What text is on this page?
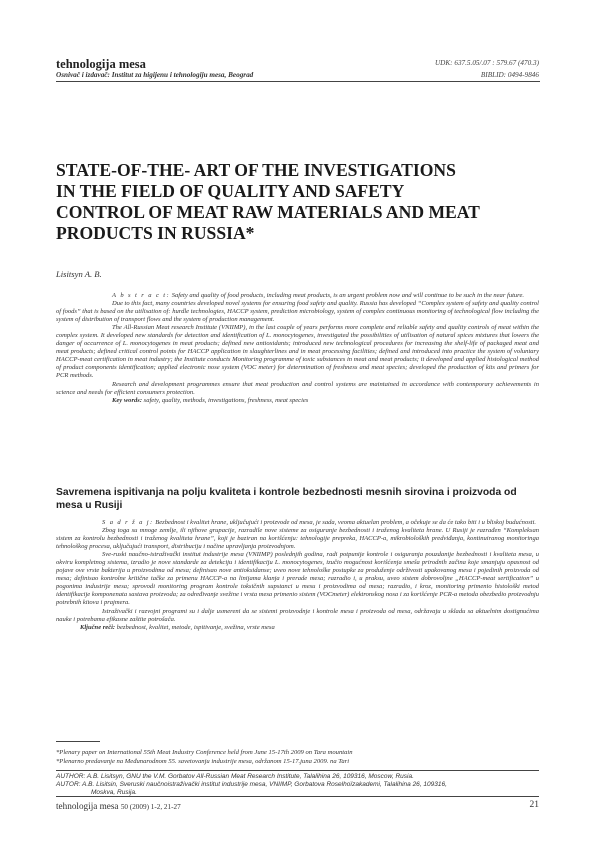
tehnologija mesa
Osnivač i izdavač: Institut za higijenu i tehnologiju mesa, Beograd
UDK: 637.5.05/.07 : 579.67 (470.3)
BIBLID: 0494-9846
STATE-OF-THE- ART OF THE INVESTIGATIONS
IN THE FIELD OF QUALITY AND SAFETY
CONTROL OF MEAT RAW MATERIALS AND MEAT
PRODUCTS IN RUSSIA*
Lisitsyn A. B.

A b s t r a c t: Safety and quality of food products, including meat products, is an urgent problem now and will continue to be such in the near future.

Due to this fact, many countries developed novel systems for ensuring food safety and quality. Russia has developed “Complex system of safety and quality control of foods” that is based on the utilisation of: hurdle technologies, HACCP system, prediction microbiology, system of complex continuous monitoring of technological flow including the system of distribution of transport flows and the system of production management.

The All-Russian Meat research Institute (VNIIMP), in the last couple of years performs more complete and reliable safety and quality controls of meat within the complex system. It developed new standards for detection and identification of L. monocytogenes, investigated the possibilities of utilisation of natural spices mixtures that lowers the danger of occurrence of L. monocytogenes in meat products; defined new antioxidants; introduced new technological procedures for increasing the shelf-life of packaged meat and meat products; defined critical control points for HACCP application in slaughterlines and in meat processing facilities; defined and introduced into practice the system of voluntary HACCP-meat certification in meat industry; the Institute conducts Monitoring programme of toxic substances in meat and meat products; it developed and applied histological method of product components identification; applied electronic nose system (VOC meter) for determination of freshness and meat species; developed the production of kits and primers for PCR methods.

Research and development programmes ensure that meat production and control systems are maintained in accordance with contemporary achievements in science and needs for efficient consumers protection.

Key words: safety, quality, methods, investigations, freshness, meat species

Savremena ispitivanja na polju kvaliteta i kontrole bezbednosti mesnih sirovina i proizvoda od mesa u Rusiji

S a d r ž a j: Bezbednost i kvalitet hrane, uključujući i proizvode od mesa, je sada, veoma aktuelan problem, a očekuje se da će tako biti i u bliskoj budućnosti.

Zbog toga su mnoge zemlje, ili njihove grupacije, razradile nove sisteme za osiguranje bezbednosti i traženog kvaliteta hrane. U Rusiji je razrađen “Kompleksan sistem za kontrolu bezbednosti i traženog kvaliteta hrane”, koji je baziran na korišćenju: tehnologije prepreka, HACCP-a, mikrobioloških predviđanja, kontinuiranog monitoringa tehnološkog procesa, uključujući transport, distribuciju i načine upravljanja proizvodnjom.

Sve-ruski naučno-istraživački institut industrije mesa (VNIIMP) poslednjih godina, radi potpunije kontrole i osiguranja pouzdanije bezbednosti i kvaliteta mesa, u okviru kompletnog sistema, izradio je nove standarde za detekciju i identifikaciju L. monocytogenes, izučio mogućnost korišćenja smeša prirodnih začina koje smanjuju opasnost od pojave ove vrste bakterija u proizvodima od mesa; definisao nove antioksidanse; uveo nove tehnološke postupke za produženje održivosti upakovanog mesa i pojedinih proizvoda od mesa; definisao kontrolne kritične tačke za primenu HACCP-a na linijama klanja i prerade mesa; razradio i, u praksu, uveo sistem dobrovoljne „HACCP-meat sertification” u pogonima industrije mesa; sprovodi monitoring program kontrole toksičnih supstanci u mesu i proizvodima od mesa; razradio, i kroz, monitoring primenio histološki metod identifikacije komponenata sastava proizvoda; za određivanje svežine i vrsta mesa primenio sistem (VOCmeter) elektronskog nosa i za korišćenje PCR-a metoda obezbedio proizvodnju potrebnih kitova i prajmera.

Istraživački i razvojni programi su i dalje usmereni da se sistemi proizvodnje i kontrole mesa i proizvoda od mesa, održavaju u skladu sa aktuelnim dostignućima nauke i potrebama efikasne zaštite potrošača.

Ključne reči: bezbednost, kvalitet, metode, ispitivanje, svežina, vrste mesa

*Plenary paper on International 55th Meat Industry Conference held from June 15-17th 2009 on Tara mountain
*Plenarno predavanje na Međunarodnom 55. savetovanju industrije mesa, održanom 15-17.juna 2009. na Tari
AUTHOR: A.B. Lisitsyn, GNU the V.M. Gorbatov All-Russian Meat Research Institute, Talalihina 26, 109316, Moscow, Rusia.
AUTOR: A.B. Lisitsin, Sveruski naučnoistraživački institut industrije mesa, VNIIMP, Gorbatova Roselhoïzakademi, Talalihina 26, 109316,
Moskva, Rusija.
tehnologija mesa 50 (2009) 1-2, 21-27	21
